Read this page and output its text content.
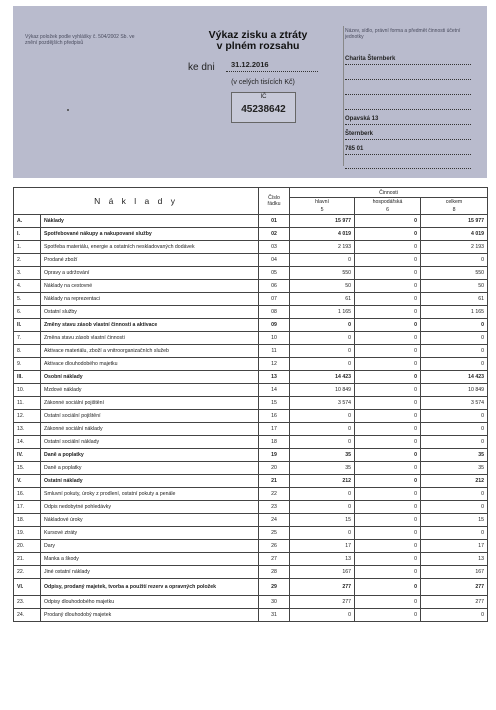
Výkaz položek podle vyhlášky č. 504/2002 Sb. ve znění pozdějších předpisů
Výkaz zisku a ztráty
v plném rozsahu
ke dni 31.12.2016
(v celých tisících Kč)
IČ
45238642
Název, sídlo, právní forma a předmět činnosti účetní jednotky
Charita Šternberk
Opavská 13
Šternberk
785 01
N á k l a d y		Číslo řádku	Činnosti		
			hlavní	hospodářská	celkem
			5	6	8
A.	Náklady	01	15 977	0	15 977
I.	Spotřebované nákupy a nakupované služby	02	4 019	0	4 019
1.	Spotřeba materiálu, energie a ostatních neskladovaných dodávek	03	2 193	0	2 193
2.	Prodané zboží	04	0	0	0
3.	Opravy a udržování	05	550	0	550
4.	Náklady na cestovné	06	50	0	50
5.	Náklady na reprezentaci	07	61	0	61
6.	Ostatní služby	08	1 165	0	1 165
II.	Změny stavu zásob vlastní činnosti a aktivace	09	0	0	0
7.	Změna stavu zásob vlastní činnosti	10	0	0	0
8.	Aktivace materiálu, zboží a vnitroorganizačních služeb	11	0	0	0
9.	Aktivace dlouhodobého majetku	12	0	0	0
III.	Osobní náklady	13	14 423	0	14 423
10.	Mzdové náklady	14	10 849	0	10 849
11.	Zákonné sociální pojištění	15	3 574	0	3 574
12.	Ostatní sociální pojištění	16	0	0	0
13.	Zákonné sociální náklady	17	0	0	0
14.	Ostatní sociální náklady	18	0	0	0
IV.	Daně a poplatky	19	35	0	35
15.	Daně a poplatky	20	35	0	35
V.	Ostatní náklady	21	212	0	212
16.	Smluvní pokuty, úroky z prodlení, ostatní pokuty a penále	22	0	0	0
17.	Odpis nedobytné pohledávky	23	0	0	0
18.	Nákladové úroky	24	15	0	15
19.	Kursové ztráty	25	0	0	0
20.	Dary	26	17	0	17
21.	Manka a škody	27	13	0	13
22.	Jiné ostatní náklady	28	167	0	167
VI.	Odpisy, prodaný majetek, tvorba a použití rezerv a opravných položek	29	277	0	277
23.	Odpisy dlouhodobého majetku	30	277	0	277
24.	Prodaný dlouhodobý majetek	31	0	0	0
